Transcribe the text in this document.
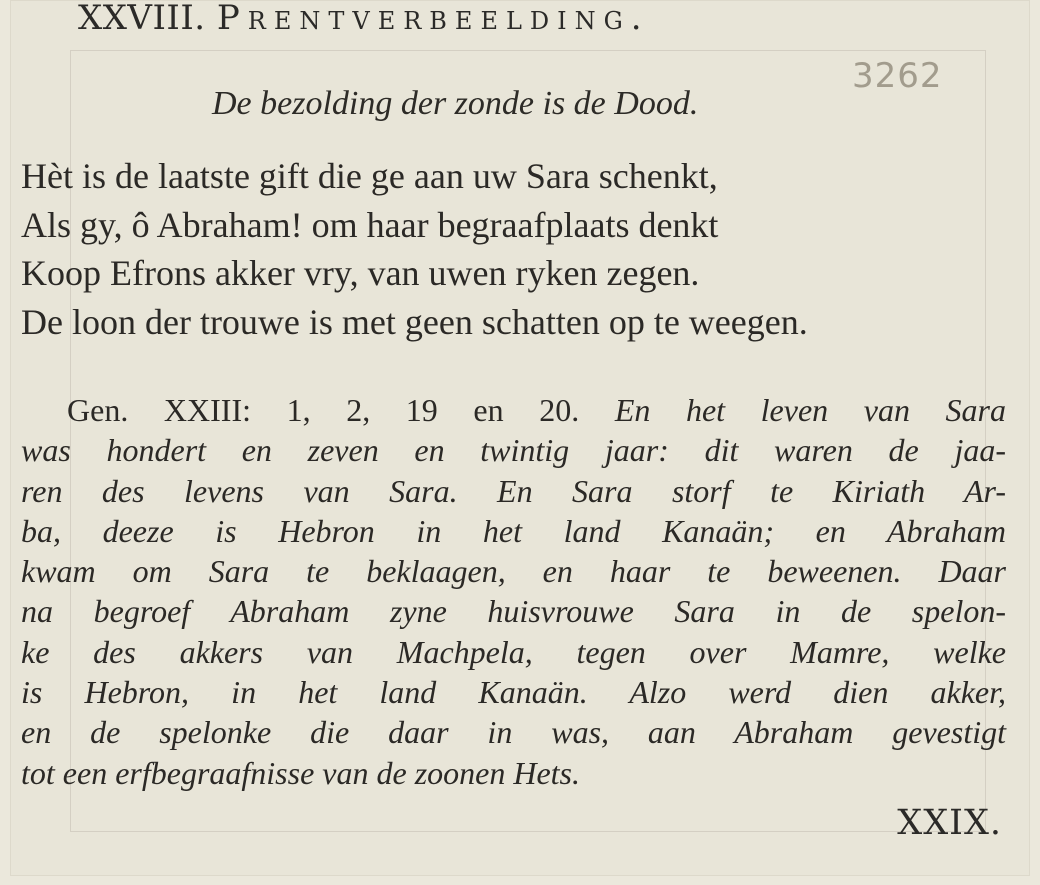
XXVIII. Prentverbeelding.
3262
De bezolding der zonde is de Dood.
Hèt is de laatste gift die ge aan uw Sara schenkt,
Als gy, ô Abraham! om haar begraafplaats denkt
Koop Efrons akker vry, van uwen ryken zegen.
De loon der trouwe is met geen schatten op te weegen.
Gen. XXIII: 1, 2, 19 en 20. En het leven van Sara
was hondert en zeven en twintig jaar: dit waren de jaa-
ren des levens van Sara. En Sara storf te Kiriath Ar-
ba, deeze is Hebron in het land Kanaän; en Abraham
kwam om Sara te beklaagen, en haar te beweenen. Daar
na begroef Abraham zyne huisvrouwe Sara in de spelon-
ke des akkers van Machpela, tegen over Mamre, welke
is Hebron, in het land Kanaän. Alzo werd dien akker,
en de spelonke die daar in was, aan Abraham gevestigt
tot een erfbegraafnisse van de zoonen Hets.
XXIX.
